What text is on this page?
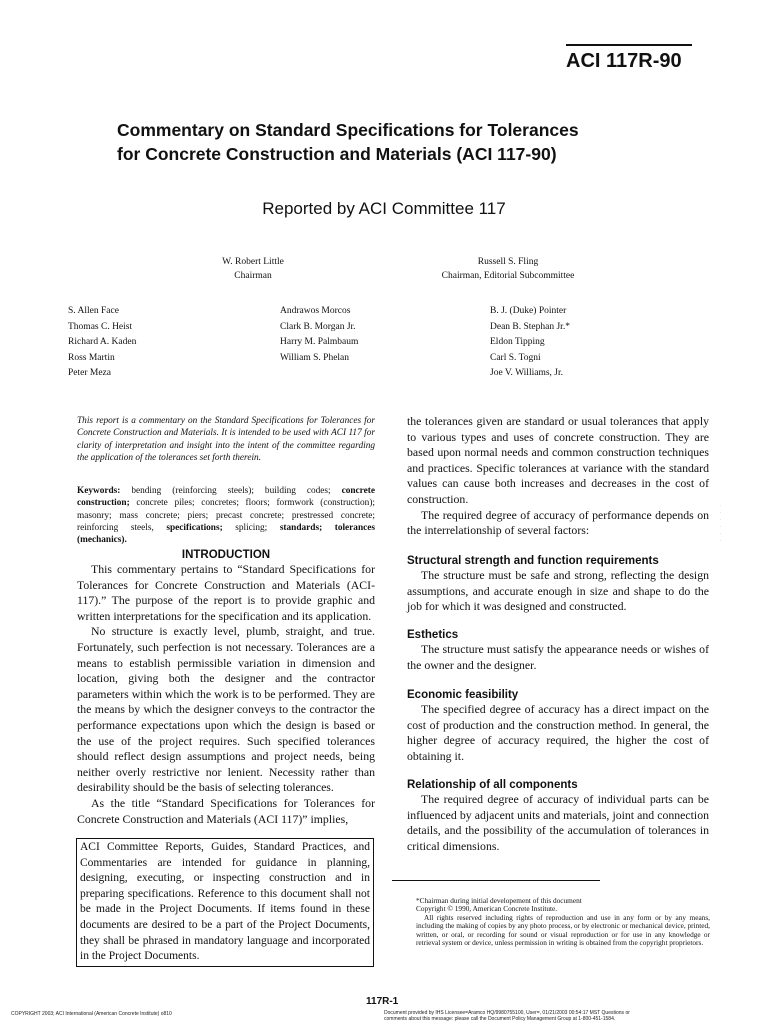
ACI 117R-90
Commentary on Standard Specifications for Tolerances
for Concrete Construction and Materials (ACI 117-90)
Reported by ACI Committee 117
W. Robert Little
Chairman
Russell S. Fling
Chairman, Editorial Subcommittee
S. Allen Face
Thomas C. Heist
Richard A. Kaden
Ross Martin
Peter Meza
Andrawos Morcos
Clark B. Morgan Jr.
Harry M. Palmbaum
William S. Phelan
B. J. (Duke) Pointer
Dean B. Stephan Jr.*
Eldon Tipping
Carl S. Togni
Joe V. Williams, Jr.
This report is a commentary on the Standard Specifications for Tolerances for Concrete Construction and Materials. It is intended to be used with ACI 117 for clarity of interpretation and insight into the intent of the committee regarding the application of the tolerances set forth therein.
Keywords: bending (reinforcing steels); building codes; concrete construction; concrete piles; concretes; floors; formwork (construction); masonry; mass concrete; piers; precast concrete; prestressed concrete; reinforcing steels, specifications; splicing; standards; tolerances (mechanics).
INTRODUCTION

This commentary pertains to “Standard Specifications for Tolerances for Concrete Construction and Materials (ACI-117).” The purpose of the report is to provide graphic and written interpretations for the specification and its application.

No structure is exactly level, plumb, straight, and true. Fortunately, such perfection is not necessary. Tolerances are a means to establish permissible variation in dimension and location, giving both the designer and the contractor parameters within which the work is to be performed. They are the means by which the designer conveys to the contractor the performance expectations upon which the design is based or the use of the project requires. Such specified tolerances should reflect design assumptions and project needs, being neither overly restrictive nor lenient. Necessity rather than desirability should be the basis of selecting tolerances.

As the title “Standard Specifications for Tolerances for Concrete Construction and Materials (ACI 117)” implies,

ACI Committee Reports, Guides, Standard Practices, and Commentaries are intended for guidance in planning, designing, executing, or inspecting construction and in preparing specifications. Reference to this document shall not be made in the Project Documents. If items found in these documents are desired to be a part of the Project Documents, they shall be phrased in mandatory language and incorporated in the Project Documents.

the tolerances given are standard or usual tolerances that apply to various types and uses of concrete construction. They are based upon normal needs and common construction techniques and practices. Specific tolerances at variance with the standard values can cause both increases and decreases in the cost of construction.

The required degree of accuracy of performance depends on the interrelationship of several factors:

Structural strength and function requirements

The structure must be safe and strong, reflecting the design assumptions, and accurate enough in size and shape to do the job for which it was designed and constructed.

Esthetics

The structure must satisfy the appearance needs or wishes of the owner and the designer.

Economic feasibility

The specified degree of accuracy has a direct impact on the cost of production and the construction method. In general, the higher degree of accuracy required, the higher the cost of obtaining it.

Relationship of all components

The required degree of accuracy of individual parts can be influenced by adjacent units and materials, joint and connection details, and the possibility of the accumulation of tolerances in critical dimensions.

*Chairman during initial developement of this document

Copyright © 1990, American Concrete Institute.

All rights reserved including rights of reproduction and use in any form or by any means, including the making of copies by any photo process, or by electronic or mechanical device, printed, written, or oral, or recording for sound or visual reproduction or for use in any knowledge or retrieval system or device, unless permission in writing is obtained from the copyright proprietors.

· · · · · ·
117R-1
COPYRIGHT 2003; ACI International (American Concrete Institute) o810	Document provided by IHS Licensee=Aramco HQ/9980755100, User=, 01/21/2003 00:54:17 MST Questions or comments about this message: please call the Document Policy Management Group at 1-800-451-1584.
